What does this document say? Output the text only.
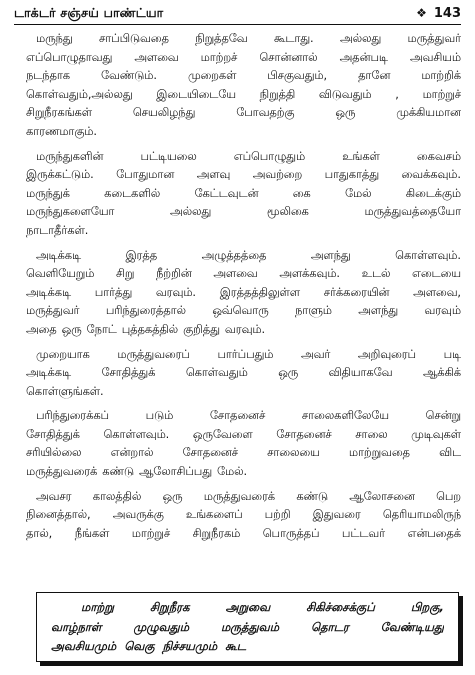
டாக்டர் சஞ்சய் பாண்ட்யா	❖ 143
மருந்து சாப்பிடுவதை நிறுத்தவே கூடாது. அல்லது மருத்துவர்
எப்பொழுதாவது அளவை மாற்றச் சொன்னால் அதன்படி அவசியம்
நடந்தாக	வேண்டும்.	முறைகள்	பிசகுவதும்,	தானே	மாற்றிக்
கொள்வதும்,அல்லது இடையிடையே நிறுத்தி விடுவதும் , மாற்றுச்
சிறுநீரகங்கள்	செயலிழந்து	போவதற்கு	ஒரு	முக்கியமான
காரணமாகும்.
மருந்துகளின்	பட்டியலை	எப்பொழுதும்	உங்கள்	கைவசம்
இருக்கட்டும். போதுமான அளவு அவற்றை பாதுகாத்து வைக்கவும்.
மருந்துக்	கடைகளில்	கேட்டவுடன்	கை	மேல்	கிடைக்கும்
மருந்துகளையோ	அல்லது	மூலிகை	மருத்துவத்தையோ
நாடாதீர்கள்.
அடிக்கடி	இரத்த	அழுத்தத்தை	அளந்து	கொள்ளவும்.
வெளியேறும் சிறு நீற்றின் அளவை அளக்கவும். உடல் எடையை
அடிக்கடி பார்த்து வரவும். இரத்தத்திலுள்ள சர்க்கரையின் அளவை,
மருத்துவர் பரிந்துரைத்தால் ஒவ்வொரு நாளும் அளந்து வரவும்
அதை ஒரு நோட் புத்தகத்தில் குறித்து வரவும்.
முறையாக மருத்துவரைப் பார்ப்பதும் அவர் அறிவுரைப் படி
அடிக்கடி	சோதித்துக்	கொள்வதும்	ஒரு	விதியாகவே	ஆக்கிக்
கொள்ளுங்கள்.
பரிந்துரைக்கப்	படும்	சோதனைச்	சாலைகளிலேயே	சென்று
சோதித்துக் கொள்ளவும். ஒருவேளை சோதனைச் சாலை முடிவுகள்
சரியில்லை	என்றால்	சோதனைச்	சாலையை	மாற்றுவதை	விட
மருத்துவரைக் கண்டு ஆலோசிப்பது மேல்.
அவசர காலத்தில் ஒரு மருத்துவரைக் கண்டு ஆலோசனை பெற
நினைத்தால், அவருக்கு உங்களைப் பற்றி இதுவரை தெரியாமலிருந்
தால், நீங்கள் மாற்றுச் சிறுநீரகம் பொருத்தப் பட்டவர் என்பதைக்
மாற்று	சிறுநீரக	அறுவை	சிகிச்சைக்குப்	பிறகு,
வாழ்நாள்	முழுவதும்	மருத்துவம்	தொடர	வேண்டியது
அவசியமும் வெகு நிச்சயமும் கூட
